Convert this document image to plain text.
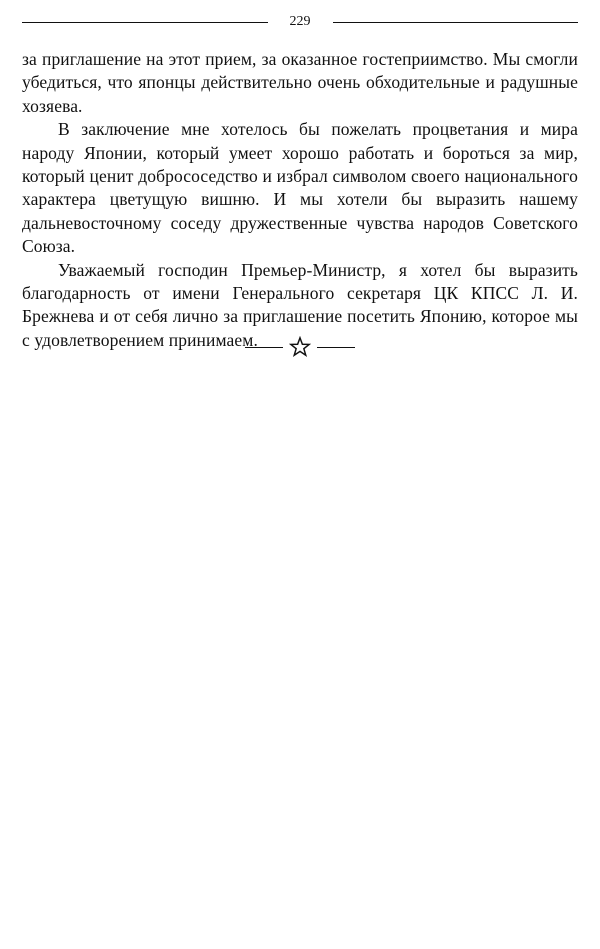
229

за приглашение на этот прием, за оказанное гостеприимство. Мы смогли убедиться, что японцы действительно очень обходительные и радушные хозяева.

В заключение мне хотелось бы пожелать процветания и мира народу Японии, который умеет хорошо работать и бороться за мир, который ценит добрососедство и избрал символом своего национального характера цветущую вишню. И мы хотели бы выразить нашему дальневосточному соседу дружественные чувства народов Советского Союза.

Уважаемый господин Премьер-Министр, я хотел бы выразить благодарность от имени Генерального секретаря ЦК КПСС Л. И. Брежнева и от себя лично за приглашение посетить Японию, которое мы с удовлетворением принимаем.
